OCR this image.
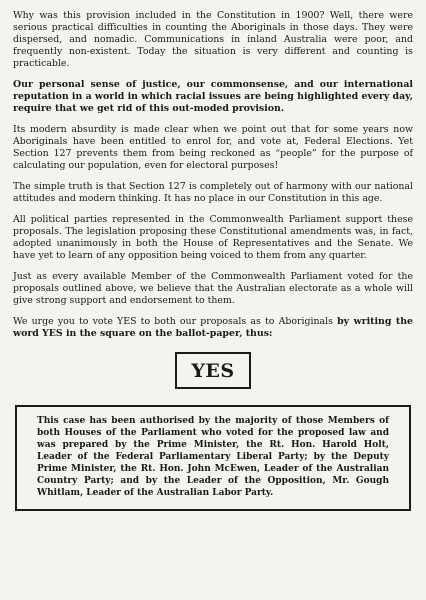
Why was this provision included in the Constitution in 1900? Well, there were serious practical difficulties in counting the Aboriginals in those days. They were dispersed, and nomadic. Communications in inland Australia were poor, and frequently non-existent. Today the situation is very different and counting is practicable.

Our personal sense of justice, our commonsense, and our international reputation in a world in which racial issues are being highlighted every day, require that we get rid of this out-moded provision.

Its modern absurdity is made clear when we point out that for some years now Aboriginals have been entitled to enrol for, and vote at, Federal Elections. Yet Section 127 prevents them from being reckoned as “people” for the purpose of calculating our population, even for electoral purposes!

The simple truth is that Section 127 is completely out of harmony with our national attitudes and modern thinking. It has no place in our Constitution in this age.

All political parties represented in the Commonwealth Parliament support these proposals. The legislation proposing these Constitutional amendments was, in fact, adopted unanimously in both the House of Representatives and the Senate. We have yet to learn of any opposition being voiced to them from any quarter.

Just as every available Member of the Commonwealth Parliament voted for the proposals outlined above, we believe that the Australian electorate as a whole will give strong support and endorsement to them.

We urge you to vote YES to both our proposals as to Aboriginals by writing the word YES in the square on the ballot-paper, thus:

YES
This case has been authorised by the majority of those Members of both Houses of the Parliament who voted for the proposed law and was prepared by the Prime Minister, the Rt. Hon. Harold Holt, Leader of the Federal Parliamentary Liberal Party; by the Deputy Prime Minister, the Rt. Hon. John McEwen, Leader of the Australian Country Party; and by the Leader of the Opposition, Mr. Gough Whitlam, Leader of the Australian Labor Party.
